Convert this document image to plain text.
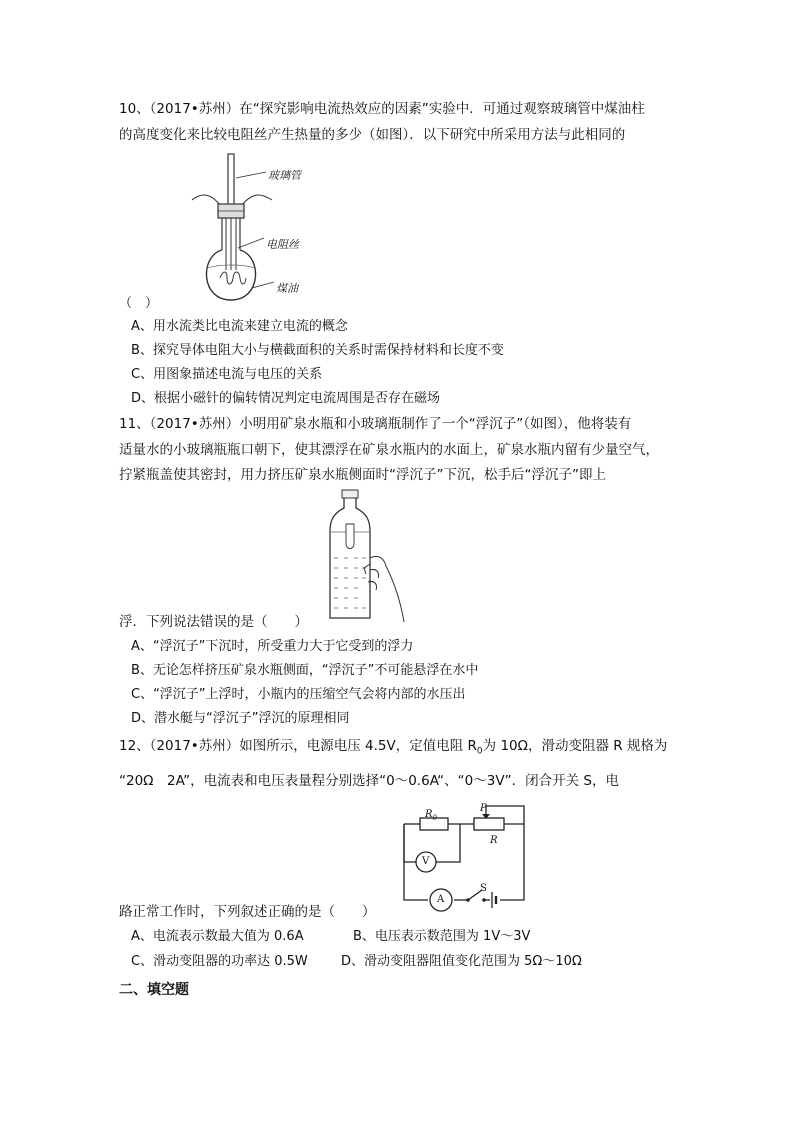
10、（2017•苏州）在“探究影响电流热效应的因素”实验中．可通过观察玻璃管中煤油柱
的高度变化来比较电阻丝产生热量的多少（如图）．以下研究中所采用方法与此相同的
玻璃管
电阻丝
煤油
（　）
A、用水流类比电流来建立电流的概念
B、探究导体电阻大小与横截面积的关系时需保持材料和长度不变
C、用图象描述电流与电压的关系
D、根据小磁针的偏转情况判定电流周围是否存在磁场
11、（2017•苏州）小明用矿泉水瓶和小玻璃瓶制作了一个“浮沉子”（如图），他将装有
适量水的小玻璃瓶瓶口朝下，使其漂浮在矿泉水瓶内的水面上，矿泉水瓶内留有少量空气，
拧紧瓶盖使其密封，用力挤压矿泉水瓶侧面时“浮沉子”下沉，松手后“浮沉子”即上
浮．下列说法错误的是（　　）
A、“浮沉子”下沉时，所受重力大于它受到的浮力
B、无论怎样挤压矿泉水瓶侧面，“浮沉子”不可能悬浮在水中
C、“浮沉子”上浮时，小瓶内的压缩空气会将内部的水压出
D、潜水艇与“浮沉子”浮沉的原理相同
12、（2017•苏州）如图所示，电源电压 4.5V，定值电阻 $R_0$为 10Ω，滑动变阻器 R 规格为
“20Ω　2A”，电流表和电压表量程分别选择“0～0.6A“、“0～3V”．闭合开关 S，电
$R_0$
P
R
V
A
S
路正常工作时，下列叙述正确的是（　　）
A、电流表示数最大值为 0.6A	B、电压表示数范围为 1V～3V
C、滑动变阻器的功率达 0.5W	D、滑动变阻器阻值变化范围为 5Ω～10Ω
二、填空题
